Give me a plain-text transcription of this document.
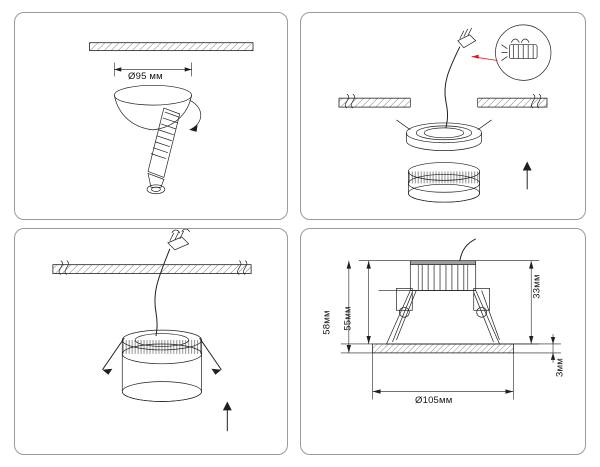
Ø95 мм
58мм 55мм
33мм
Ø105мм
3мм
